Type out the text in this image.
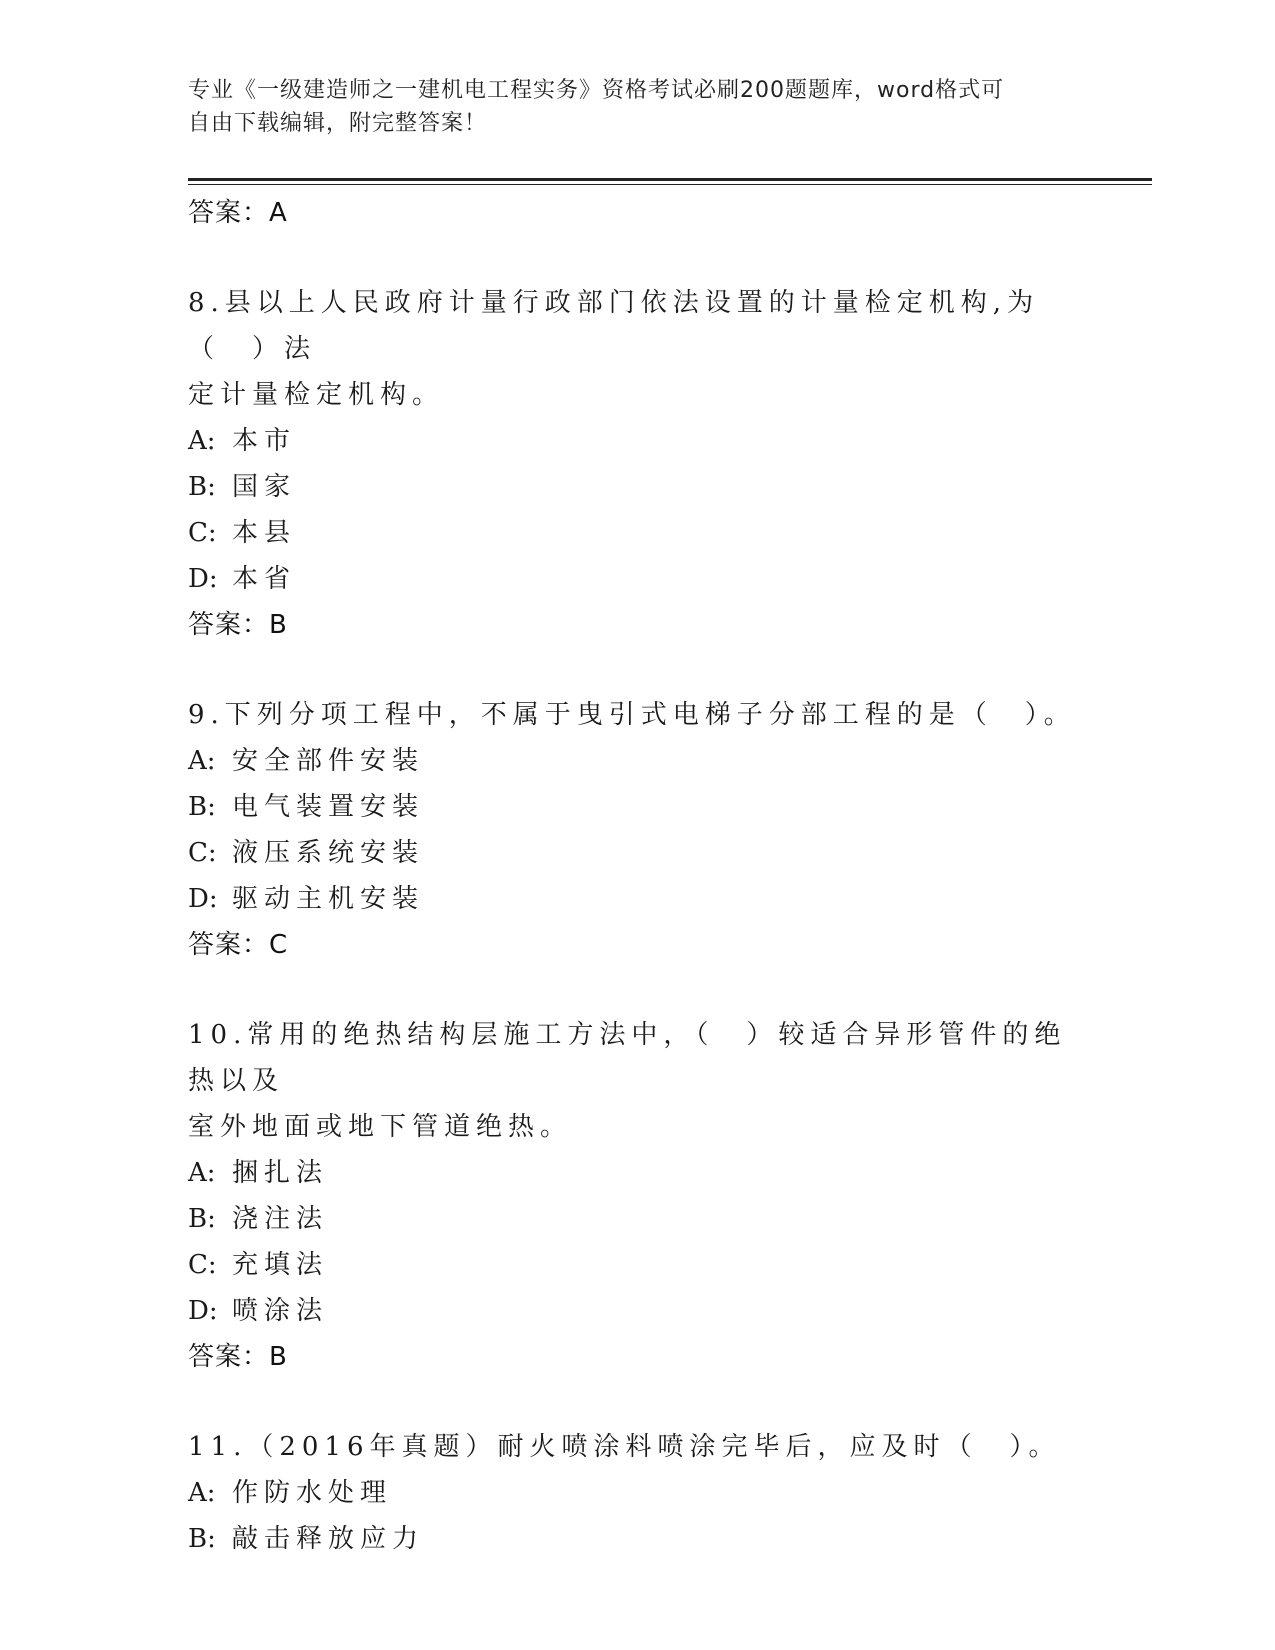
专业《一级建造师之一建机电工程实务》资格考试必刷200题题库，word格式可
自由下载编辑，附完整答案！
答案：A
8.县以上人民政府计量行政部门依法设置的计量检定机构,为（　）法
定计量检定机构。
A: 本市
B: 国家
C: 本县
D: 本省
答案：B
9.下列分项工程中，不属于曳引式电梯子分部工程的是（　）。
A: 安全部件安装
B: 电气装置安装
C: 液压系统安装
D: 驱动主机安装
答案：C
10.常用的绝热结构层施工方法中，（　）较适合异形管件的绝热以及
室外地面或地下管道绝热。
A: 捆扎法
B: 浇注法
C: 充填法
D: 喷涂法
答案：B
11.（2016年真题）耐火喷涂料喷涂完毕后，应及时（　）。
A: 作防水处理
B: 敲击释放应力
